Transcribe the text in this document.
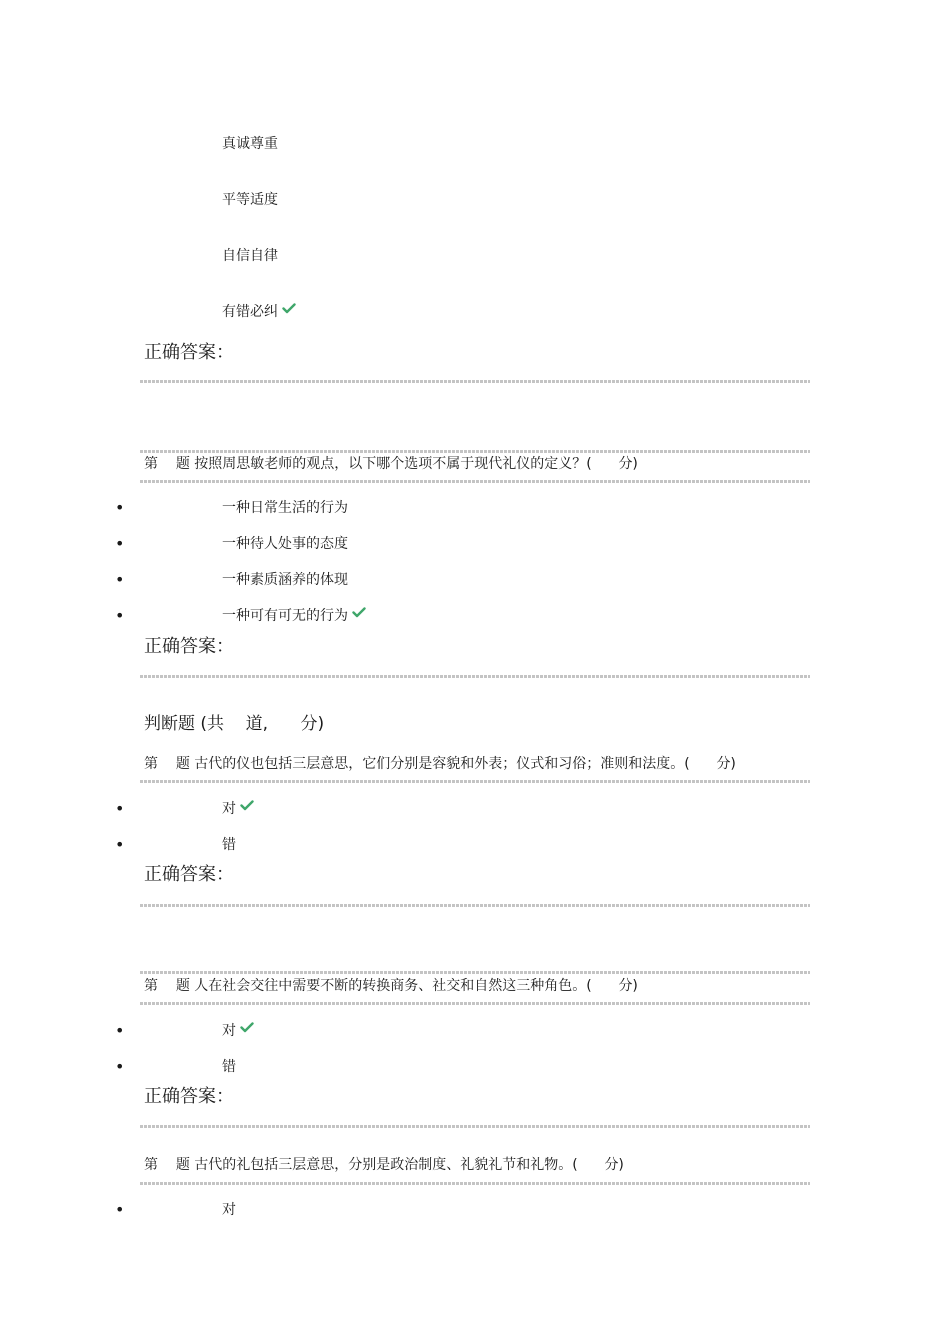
真诚尊重
平等适度
自信自律
有错必纠
正确答案：
第 题 按照周思敏老师的观点，以下哪个选项不属于现代礼仪的定义？( 分)
•	一种日常生活的行为
•	一种待人处事的态度
•	一种素质涵养的体现
•	一种可有可无的行为
正确答案：
判断题 (共 道, 分)
第 题 古代的仪也包括三层意思，它们分别是容貌和外表；仪式和习俗；准则和法度。( 分)
•	对
•	错
正确答案：
第 题 人在社会交往中需要不断的转换商务、社交和自然这三种角色。( 分)
•	对
•	错
正确答案：
第 题 古代的礼包括三层意思，分别是政治制度、礼貌礼节和礼物。( 分)
•	对
